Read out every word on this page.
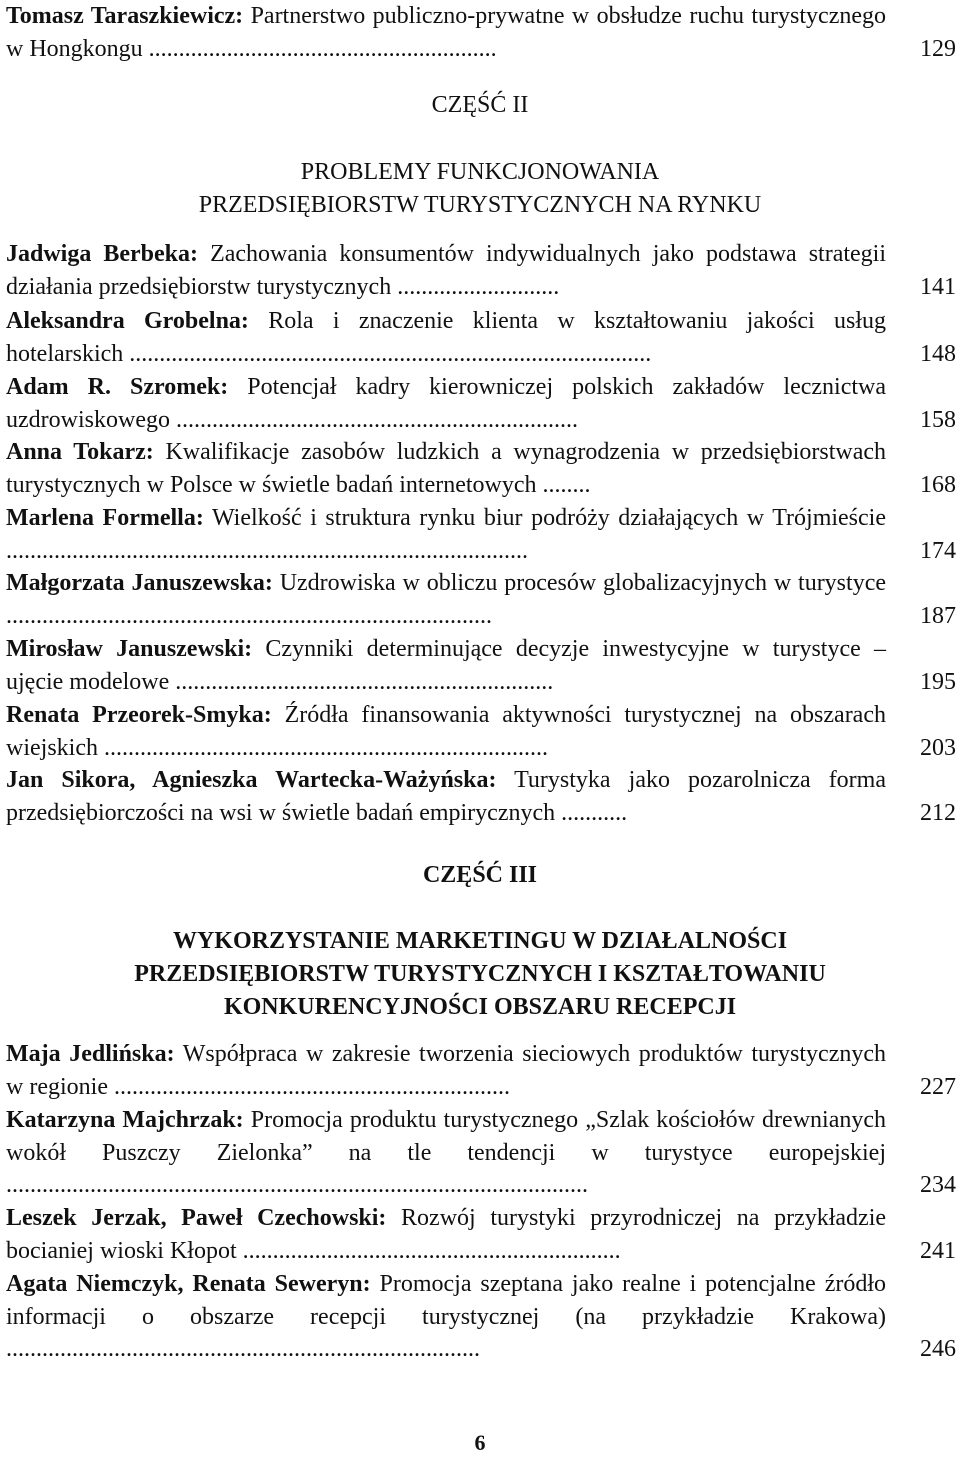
Tomasz Taraszkiewicz: Partnerstwo publiczno-prywatne w obsłudze ruchu turystycznego w Hongkongu ..........................................................	129
CZĘŚĆ II
PROBLEMY FUNKCJONOWANIA
PRZEDSIĘBIORSTW TURYSTYCZNYCH NA RYNKU
Jadwiga Berbeka: Zachowania konsumentów indywidualnych jako podstawa strategii działania przedsiębiorstw turystycznych ...........................	141
Aleksandra Grobelna: Rola i znaczenie klienta w kształtowaniu jakości usług hotelarskich .......................................................................................	148
Adam R. Szromek: Potencjał kadry kierowniczej polskich zakładów lecznictwa uzdrowiskowego ...................................................................	158
Anna Tokarz: Kwalifikacje zasobów ludzkich a wynagrodzenia w przedsiębiorstwach turystycznych w Polsce w świetle badań internetowych ........	168
Marlena Formella: Wielkość i struktura rynku biur podróży działających w Trójmieście .......................................................................................	174
Małgorzata Januszewska: Uzdrowiska w obliczu procesów globalizacyjnych w turystyce .................................................................................	187
Mirosław Januszewski: Czynniki determinujące decyzje inwestycyjne w turystyce – ujęcie modelowe ...............................................................	195
Renata Przeorek-Smyka: Źródła finansowania aktywności turystycznej na obszarach wiejskich ..........................................................................	203
Jan Sikora, Agnieszka Wartecka-Ważyńska: Turystyka jako pozarolnicza forma przedsiębiorczości na wsi w świetle badań empirycznych ...........	212
CZĘŚĆ III
WYKORZYSTANIE MARKETINGU W DZIAŁALNOŚCI
PRZEDSIĘBIORSTW TURYSTYCZNYCH I KSZTAŁTOWANIU
KONKURENCYJNOŚCI OBSZARU RECEPCJI
Maja Jedlińska: Współpraca w zakresie tworzenia sieciowych produktów turystycznych w regionie ..................................................................	227
Katarzyna Majchrzak: Promocja produktu turystycznego „Szlak kościołów drewnianych wokół Puszczy Zielonka” na tle tendencji w turystyce europejskiej .................................................................................................	234
Leszek Jerzak, Paweł Czechowski: Rozwój turystyki przyrodniczej na przykładzie bocianiej wioski Kłopot ...............................................................	241
Agata Niemczyk, Renata Seweryn: Promocja szeptana jako realne i potencjalne źródło informacji o obszarze recepcji turystycznej (na przykładzie Krakowa) ...............................................................................	246
6
